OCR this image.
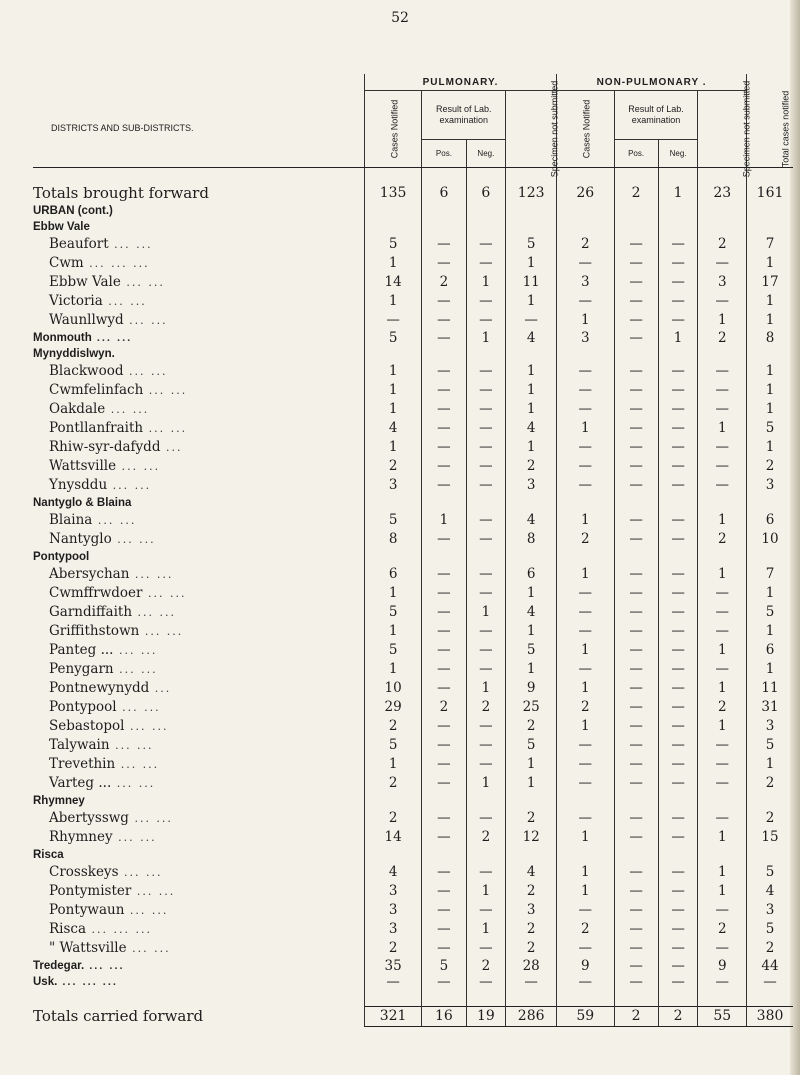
52
	PULMONARY.				NON-PULMONARY .				
DISTRICTS AND SUB-DISTRICTS.	Cases Notified	Result of Lab. examination		Specimen not submitted	Cases Notified	Result of Lab. examination		Specimen not submitted	Total cases notified
		Pos.	Neg.			Pos.	Neg.		

Totals brought forward	135	6	6	123	26	2	1	23	161
URBAN (cont.)									
Ebbw Vale									
Beaufort ... ...	5	—	—	5	2	—	—	2	7
Cwm ... ... ...	1	—	—	1	—	—	—	—	1
Ebbw Vale ... ...	14	2	1	11	3	—	—	3	17
Victoria ... ...	1	—	—	1	—	—	—	—	1
Waunllwyd ... ...	—	—	—	—	1	—	—	1	1
Monmouth ... ...	5	—	1	4	3	—	1	2	8
Mynyddislwyn.									
Blackwood ... ...	1	—	—	1	—	—	—	—	1
Cwmfelinfach ... ...	1	—	—	1	—	—	—	—	1
Oakdale ... ...	1	—	—	1	—	—	—	—	1
Pontllanfraith ... ...	4	—	—	4	1	—	—	1	5
Rhiw-syr-dafydd ...	1	—	—	1	—	—	—	—	1
Wattsville ... ...	2	—	—	2	—	—	—	—	2
Ynysddu ... ...	3	—	—	3	—	—	—	—	3
Nantyglo & Blaina									
Blaina ... ...	5	1	—	4	1	—	—	1	6
Nantyglo ... ...	8	—	—	8	2	—	—	2	10
Pontypool									
Abersychan ... ...	6	—	—	6	1	—	—	1	7
Cwmffrwdoer ... ...	1	—	—	1	—	—	—	—	1
Garndiffaith ... ...	5	—	1	4	—	—	—	—	5
Griffithstown ... ...	1	—	—	1	—	—	—	—	1
Panteg ... ... ...	5	—	—	5	1	—	—	1	6
Penygarn ... ...	1	—	—	1	—	—	—	—	1
Pontnewynydd ...	10	—	1	9	1	—	—	1	11
Pontypool ... ...	29	2	2	25	2	—	—	2	31
Sebastopol ... ...	2	—	—	2	1	—	—	1	3
Talywain ... ...	5	—	—	5	—	—	—	—	5
Trevethin ... ...	1	—	—	1	—	—	—	—	1
Varteg ... ... ...	2	—	1	1	—	—	—	—	2
Rhymney									
Abertysswg ... ...	2	—	—	2	—	—	—	—	2
Rhymney ... ...	14	—	2	12	1	—	—	1	15
Risca									
Crosskeys ... ...	4	—	—	4	1	—	—	1	5
Pontymister ... ...	3	—	1	2	1	—	—	1	4
Pontywaun ... ...	3	—	—	3	—	—	—	—	3
Risca ... ... ...	3	—	1	2	2	—	—	2	5
" Wattsville ... ...	2	—	—	2	—	—	—	—	2
Tredegar. ... ...	35	5	2	28	9	—	—	9	44
Usk. ... ... ...	—	—	—	—	—	—	—	—	—

Totals carried forward	321	16	19	286	59	2	2	55	380
